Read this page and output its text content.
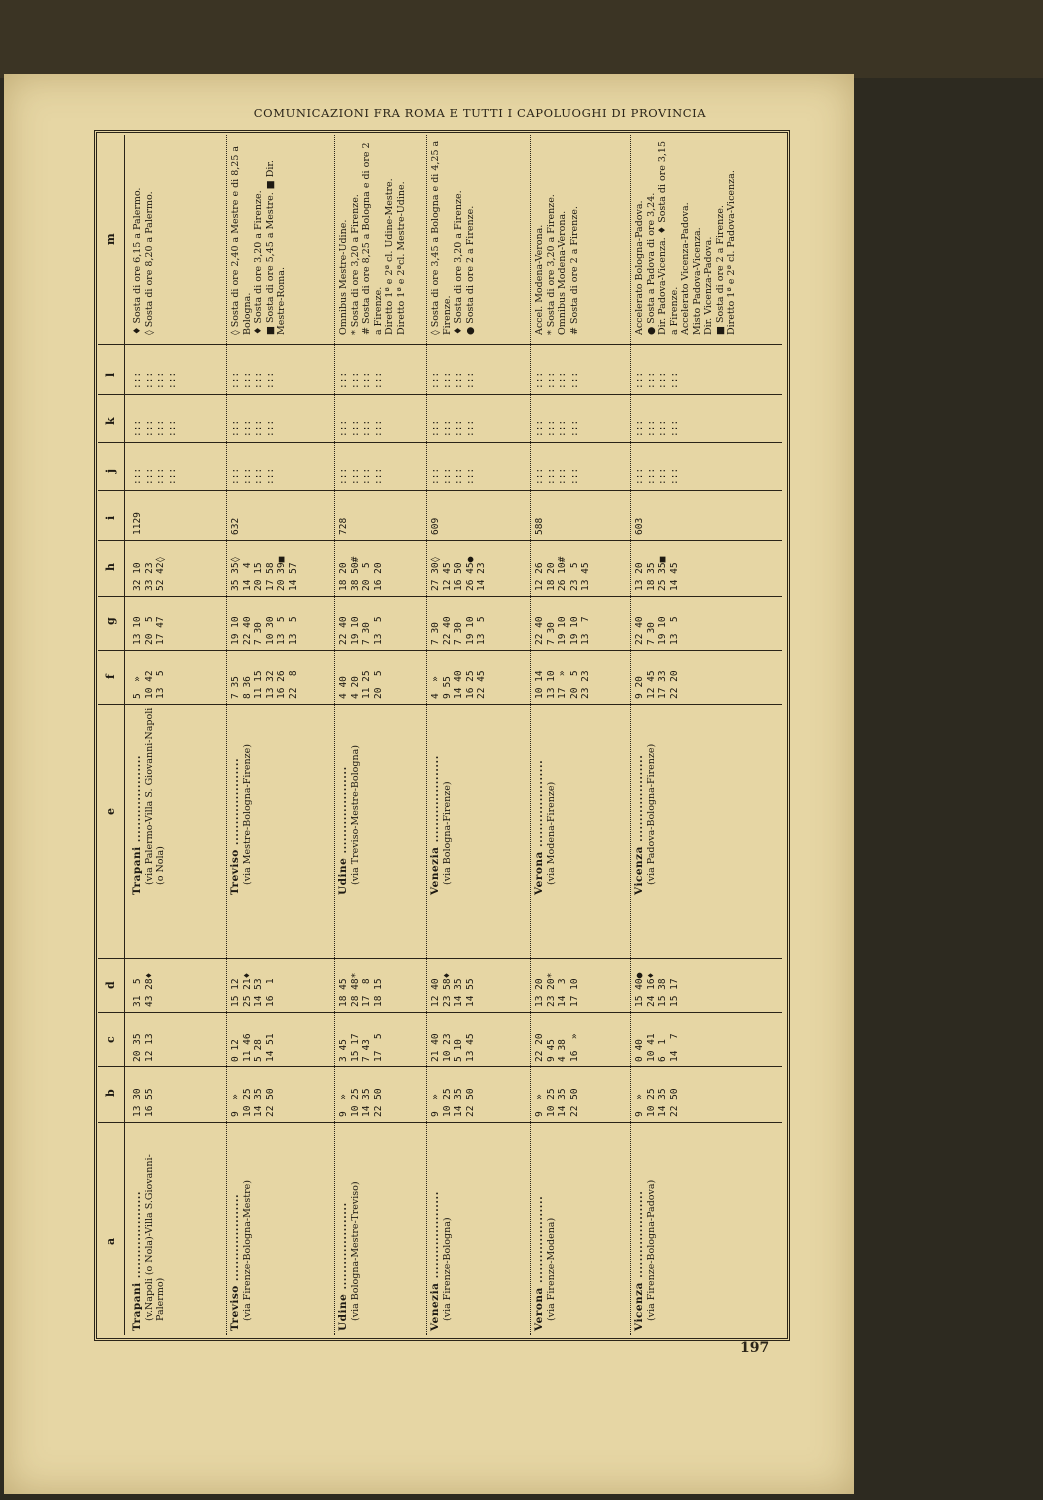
COMUNICAZIONI FRA ROMA E TUTTI I CAPOLUOGHI DI PROVINCIA
197
a
b
c
d
e
f
g
h
i
j
k
l
m
Trapani ..................... (v.Napoli (o Nola)-Villa S.Giovanni-Palermo)
Trapani ..................... (via Palermo-Villa S. Giovanni-Napoli (o Nola)
13 30
16 55
20 35
12 13
31  5
43 28♦
5  »
10 42
13  5
13 10
20  5
17 47
32 10
33 23
52 42◊
1129
:::
:::
:::
:::
:::
:::
:::
:::
:::
:::
:::
:::
♦ Sosta di ore 6,15 a Palermo.
◊ Sosta di ore 8,20 a Palermo.
Treviso ..................... (via Firenze-Bologna-Mestre)
Treviso ..................... (via Mestre-Bologna-Firenze)
9  »
10 25
14 35
22 50
0 12
11 46
5 28
14 51
15 12
25 21♦
14 53
16  1
7 35
8 36
11 15
13 32
16 26
22  8
19 10
22 40
7 30
10 30
13  5
13  5
35 35◊
14  4
20 15
17 58
20 39■
14 57
632
:::
:::
:::
:::
:::
:::
:::
:::
:::
:::
:::
:::
◊ Sosta di ore 2,40 a Mestre e di 8,25 a Bologna.
♦ Sosta di ore 3,20 a Firenze.
■ Sosta di ore 5,45 a Mestre. ■ Dir. Mestre-Roma.
Udine ..................... (via Bologna-Mestre-Treviso)
Udine ..................... (via Treviso-Mestre-Bologna)
9  »
10 25
14 35
22 50
3 45
15 17
7 43
17  5
18 45
28 48*
17  8
18 15
4 40
4 20
11 25
20  5
22 40
19 10
7 30
13  5
18 20
38 50#
20  5
16 20
728
:::
:::
:::
:::
:::
:::
:::
:::
:::
:::
:::
:::
Omnibus Mestre-Udine.
* Sosta di ore 3,20 a Firenze.
# Sosta di ore 8,25 a Bologna e di ore 2 a Firenze.
Diretto 1ª e 2ª cl. Udine-Mestre.
Diretto 1ª e 2ªcl. Mestre-Udine.
Venezia ..................... (via Firenze-Bologna)
Venezia ..................... (via Bologna-Firenze)
9  »
10 25
14 35
22 50
21 40
10 23
5 10
13 45
12 40
23 58♦
14 35
14 55
4  »
9 55
14 40
16 25
22 45
7 30
22 40
7 30
19 10
13  5
27 30◊
12 45
16 50
26 45●
14 23
609
:::
:::
:::
:::
:::
:::
:::
:::
:::
:::
:::
:::
◊ Sosta di ore 3,45 a Bologna e di 4,25 a Firenze.
♦ Sosta di ore 3,20 a Firenze.
● Sosta di ore 2 a Firenze.
Verona ..................... (via Firenze-Modena)
Verona ..................... (via Modena-Firenze)
9  »
10 25
14 35
22 50
22 20
9 45
4 38
16  »
13 20
23 20*
14  3
17 10
10 14
13 10
17  »
20  5
23 23
22 40
7 30
19 10
19 10
13  7
12 26
18 20
26 10#
23  5
13 45
588
:::
:::
:::
:::
:::
:::
:::
:::
:::
:::
:::
:::
Accel. Modena-Verona.
* Sosta di ore 3,20 a Firenze.
Omnibus Modena-Verona.
# Sosta di ore 2 a Firenze.
Vicenza ..................... (via Firenze-Bologna-Padova)
Vicenza ..................... (via Padova-Bologna-Firenze)
9  »
10 25
14 35
22 50
0 40
10 41
6  1
14  7
15 40●
24 16♦
15 38
15 17
9 20
12 45
17 33
22 20
22 40
7 30
19 10
13  5
13 20
18 35
25 35■
14 45
603
:::
:::
:::
:::
:::
:::
:::
:::
:::
:::
:::
:::
Accelerato Bologna-Padova.
● Sosta a Padova di ore 3,24.
Dir. Padova-Vicenza. ♦ Sosta di ore 3,15 a Firenze.
Accelerato Vicenza-Padova.
Misto Padova-Vicenza.
Dir. Vicenza-Padova.
■ Sosta di ore 2 a Firenze.
Diretto 1ª e 2ª cl. Padova-Vicenza.
